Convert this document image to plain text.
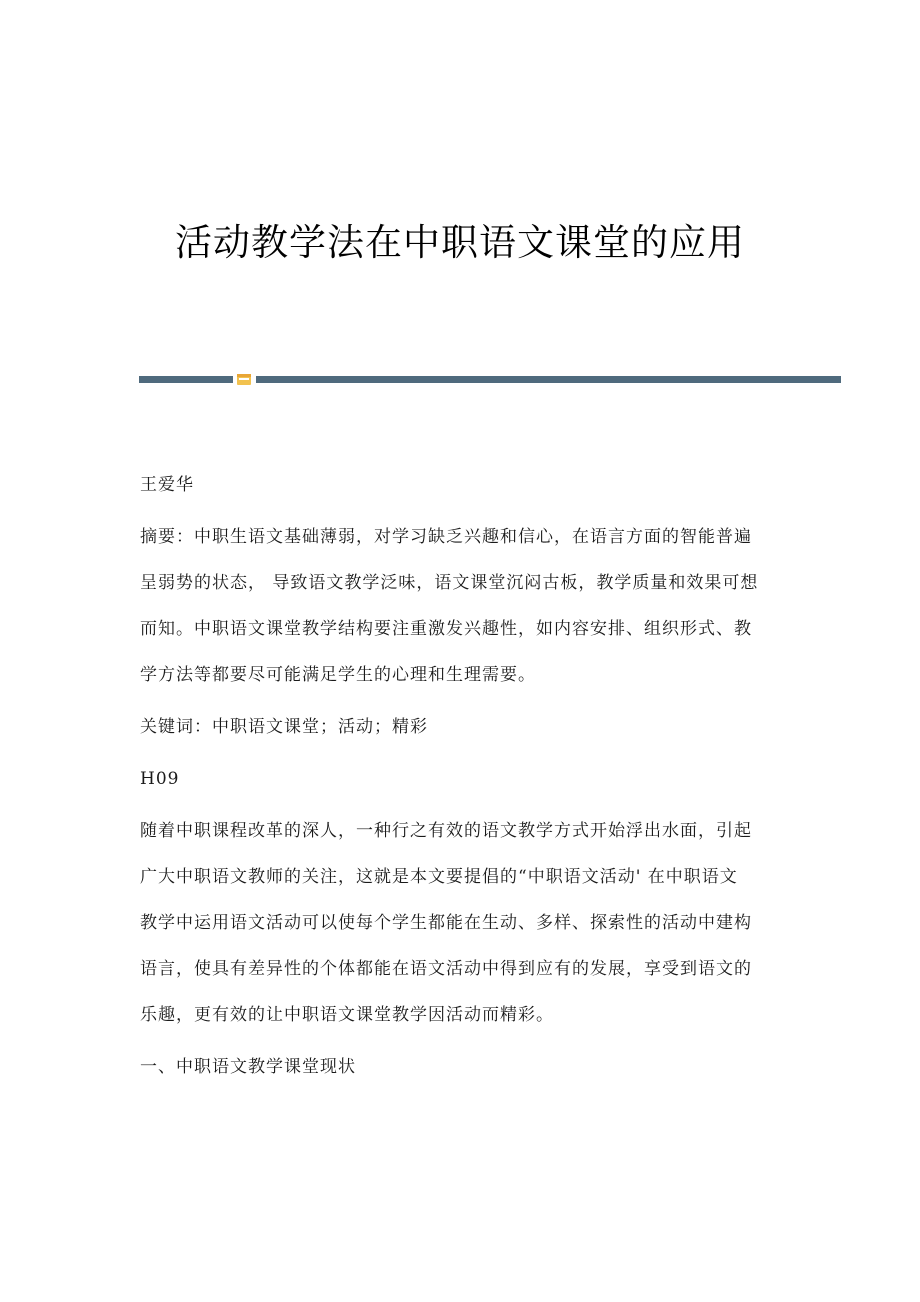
活动教学法在中职语文课堂的应用

王爱华

摘要：中职生语文基础薄弱，对学习缺乏兴趣和信心，在语言方面的智能普遍

呈弱势的状态， 导致语文教学泛味，语文课堂沉闷古板，教学质量和效果可想

而知。中职语文课堂教学结构要注重激发兴趣性，如内容安排、组织形式、教

学方法等都要尽可能满足学生的心理和生理需要。

关键词：中职语文课堂；活动；精彩

H09

随着中职课程改革的深人，一种行之有效的语文教学方式开始浮出水面，引起

广大中职语文教师的关注，这就是本文要提倡的“中职语文活动' 在中职语文

教学中运用语文活动可以使每个学生都能在生动、多样、探索性的活动中建构

语言，使具有差异性的个体都能在语文活动中得到应有的发展，享受到语文的

乐趣，更有效的让中职语文课堂教学因活动而精彩。

一、中职语文教学课堂现状
